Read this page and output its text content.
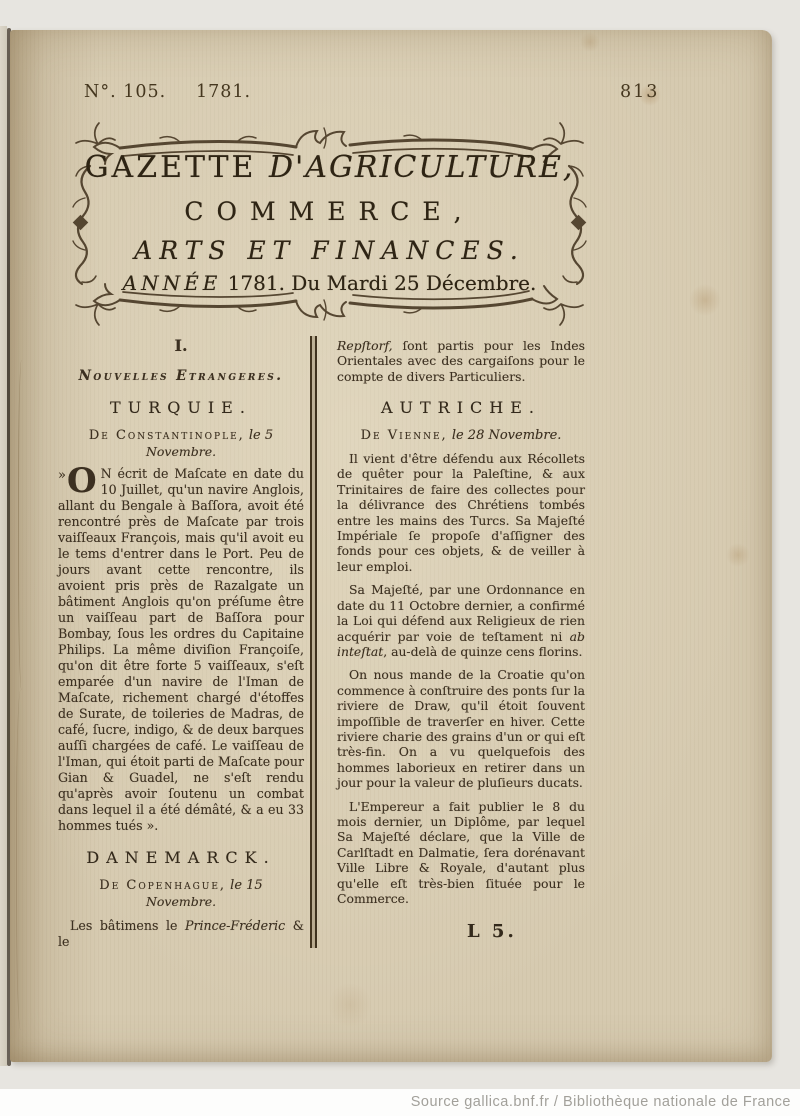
N°. 105. 1781.	813
GAZETTE D'AGRICULTURE,
COMMERCE,
ARTS ET FINANCES.
ANNÉE 1781. Du Mardi 25 Décembre.

I.

Nouvelles Etrangeres.

TURQUIE.

De Constantinople, le 5

Novembre.

» O N écrit de Maſcate en date du 10 Juillet, qu'un navire Anglois, allant du Bengale à Baſſora, avoit été rencontré près de Maſcate par trois vaiſſeaux François, mais qu'il avoit eu le tems d'entrer dans le Port. Peu de jours avant cette rencontre, ils avoient pris près de Razalgate un bâtiment Anglois qu'on préſume être un vaiſſeau part de Baſſora pour Bombay, ſous les ordres du Capitaine Philips. La même diviſion Françoiſe, qu'on dit être forte 5 vaiſſeaux, s'eſt emparée d'un navire de l'Iman de Maſcate, richement chargé d'étoffes de Surate, de toileries de Madras, de café, ſucre, indigo, & de deux barques auſſi chargées de café. Le vaiſſeau de l'Iman, qui étoit parti de Maſcate pour Gian & Guadel, ne s'eſt rendu qu'après avoir ſoutenu un combat dans lequel il a été démâté, & a eu 33 hommes tués ».

DANEMARCK.

De Copenhague, le 15

Novembre.

Les bâtimens le Prince-Fréderic & le

Repſtorf, ſont partis pour les Indes Orientales avec des cargaiſons pour le compte de divers Particuliers.

AUTRICHE.

De Vienne, le 28 Novembre.

Il vient d'être défendu aux Récollets de quêter pour la Paleſtine, & aux Trinitaires de faire des collectes pour la délivrance des Chrétiens tombés entre les mains des Turcs. Sa Majeſté Impériale ſe propoſe d'aſſigner des fonds pour ces objets, & de veiller à leur emploi.

Sa Majeſté, par une Ordonnance en date du 11 Octobre dernier, a confirmé la Loi qui défend aux Religieux de rien acquérir par voie de teſtament ni ab inteſtat, au-delà de quinze cens florins.

On nous mande de la Croatie qu'on commence à conſtruire des ponts ſur la riviere de Draw, qu'il étoit ſouvent impoſſible de traverſer en hiver. Cette riviere charie des grains d'un or qui eſt très-fin. On a vu quelquefois des hommes laborieux en retirer dans un jour pour la valeur de pluſieurs ducats.

L'Empereur a fait publier le 8 du mois dernier, un Diplôme, par lequel Sa Majeſté déclare, que la Ville de Carlſtadt en Dalmatie, ſera dorénavant Ville Libre & Royale, d'autant plus qu'elle eſt très-bien ſituée pour le Commerce.

L 5.

Source gallica.bnf.fr / Bibliothèque nationale de France
